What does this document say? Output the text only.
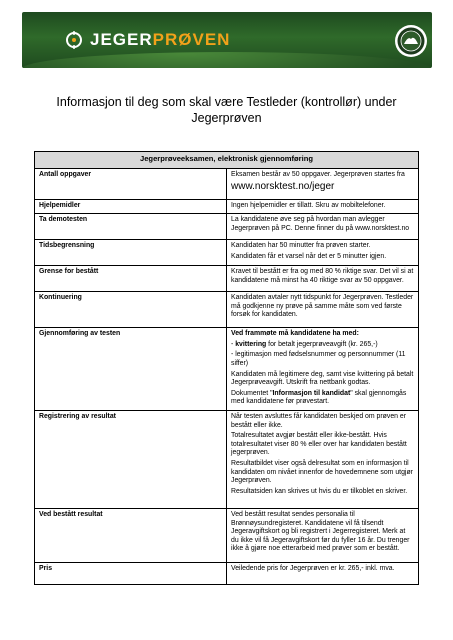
JEGERPRØVEN
Informasjon til deg som skal være Testleder (kontrollør) under
Jegerprøven
Jegerprøveeksamen, elektronisk gjennomføring	
Antall oppgaver	Eksamen består av 50 oppgaver. Jegerprøven startes fra

www.norsktest.no/jeger

Hjelpemidler	Ingen hjelpemidler er tillatt. Skru av mobiltelefoner.

Ta demotesten	La kandidatene øve seg på hvordan man avlegger Jegerprøven på PC. Denne finner du på www.norsktest.no

Tidsbegrensning	Kandidaten har 50 minutter fra prøven starter.

Kandidaten får et varsel når det er 5 minutter igjen.

Grense for bestått	Kravet til bestått er fra og med 80 % riktige svar. Det vil si at kandidatene må minst ha 40 riktige svar av 50 oppgaver.

Kontinuering	Kandidaten avtaler nytt tidspunkt for Jegerprøven. Testleder må godkjenne ny prøve på samme måte som ved første forsøk for kandidaten.

Gjennomføring av testen	Ved frammøte må kandidatene ha med:

- kvittering for betalt jegerprøveavgift (kr. 265,-)

- legitimasjon med fødselsnummer og personnummer (11 siffer)

Kandidaten må legitimere deg, samt vise kvittering på betalt Jegerprøveavgift. Utskrift fra nettbank godtas.

Dokumentet "Informasjon til kandidat" skal gjennomgås med kandidatene før prøvestart.

Registrering av resultat	Når testen avsluttes får kandidaten beskjed om prøven er bestått eller ikke.

Totalresultatet avgjør bestått eller ikke-bestått. Hvis totalresultatet viser 80 % eller over har kandidaten bestått jegerprøven.

Resultatbildet viser også delresultat som en informasjon til kandidaten om nivået innenfor de hovedemnene som utgjør Jegerprøven.

Resultatsiden kan skrives ut hvis du er tilkoblet en skriver.

Ved bestått resultat	Ved bestått resultat sendes personalia til Brønnøysundregisteret. Kandidatene vil få tilsendt Jegeravgiftskort og bli registrert i Jegerregisteret. Merk at du ikke vil få Jegeravgiftskort før du fyller 16 år. Du trenger ikke å gjøre noe etterarbeid med prøver som er bestått.

Pris	Veiledende pris for Jegerprøven er kr. 265,- inkl. mva.
